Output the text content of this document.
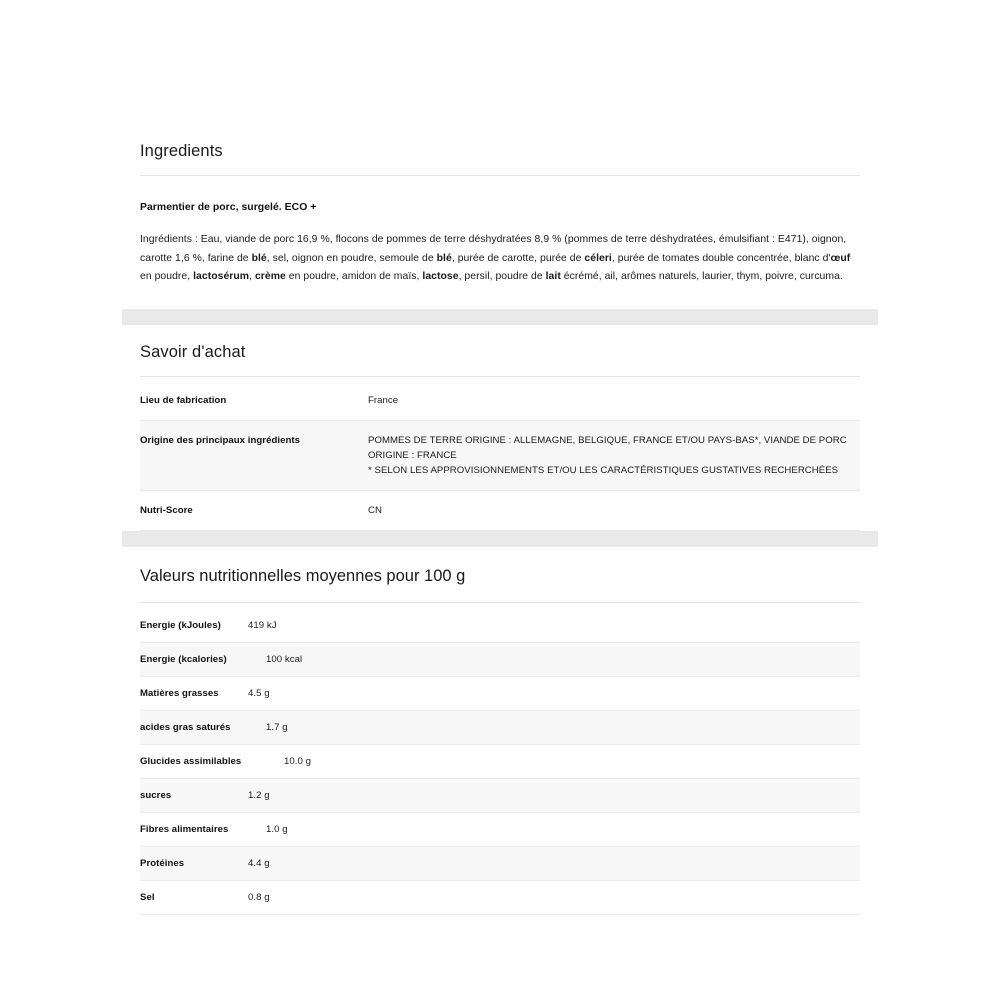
Ingredients

Parmentier de porc, surgelé. ECO +

Ingrédients : Eau, viande de porc 16,9 %, flocons de pommes de terre déshydratées 8,9 % (pommes de terre déshydratées, émulsifiant : E471), oignon, carotte 1,6 %, farine de blé, sel, oignon en poudre, semoule de blé, purée de carotte, purée de céleri, purée de tomates double concentrée, blanc d'œuf en poudre, lactosérum, crème en poudre, amidon de maïs, lactose, persil, poudre de lait écrémé, ail, arômes naturels, laurier, thym, poivre, curcuma.

Savoir d'achat
Lieu de fabrication	France
Origine des principaux ingrédients	POMMES DE TERRE ORIGINE : ALLEMAGNE, BELGIQUE, FRANCE ET/OU PAYS-BAS*, VIANDE DE PORC ORIGINE : FRANCE
* SELON LES APPROVISIONNEMENTS ET/OU LES CARACTÉRISTIQUES GUSTATIVES RECHERCHÉES
Nutri-Score	CN
Valeurs nutritionnelles moyennes pour 100 g
Energie (kJoules)	419 kJ
Energie (kcalories)	100 kcal
Matières grasses	4.5 g
acides gras saturés	1.7 g
Glucides assimilables	10.0 g
sucres	1.2 g
Fibres alimentaires	1.0 g
Protéines	4.4 g
Sel	0.8 g
